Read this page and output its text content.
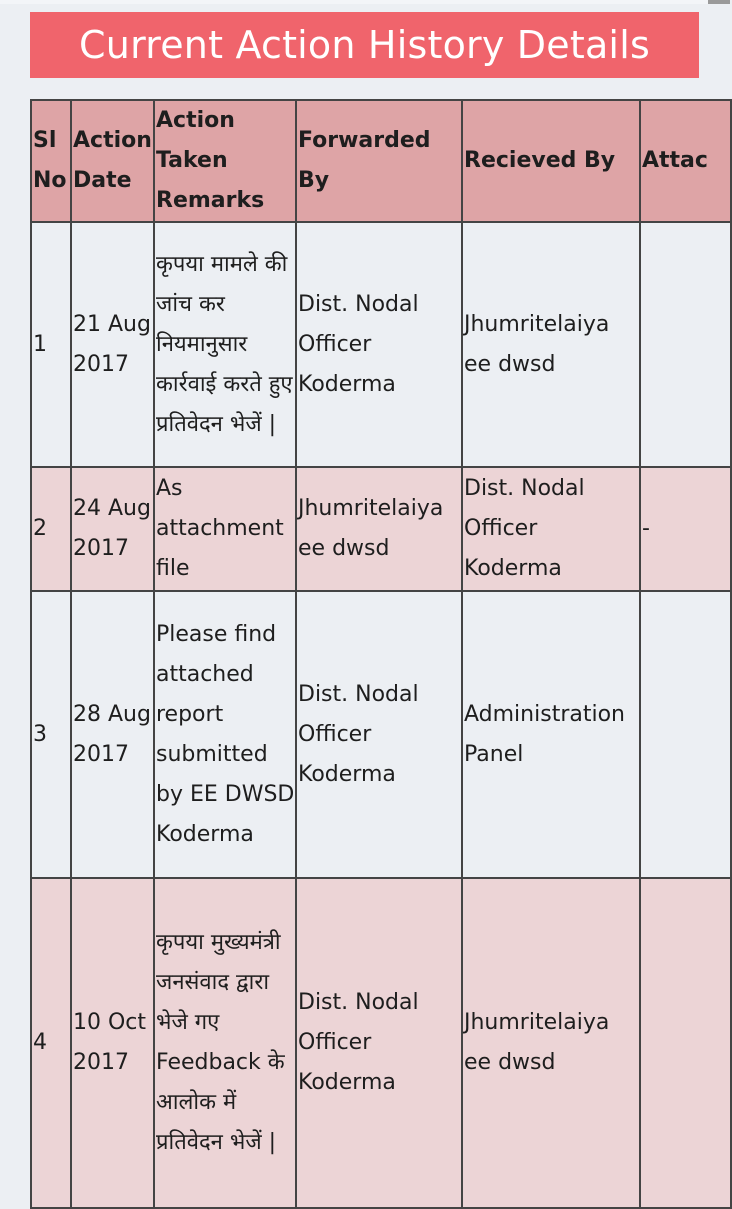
Current Action History Details
Sl No	Action Date	Action Taken Remarks	Forwarded By	Recieved By	Attac

1	21 Aug 2017	कृपया मामले की जांच कर नियमानुसार कार्रवाई करते हुए प्रतिवेदन भेजें |	Dist. Nodal Officer Koderma	Jhumritelaiya ee dwsd	

2	24 Aug 2017	As attachment file	Jhumritelaiya ee dwsd	Dist. Nodal Officer Koderma	-

3	28 Aug 2017	Please find attached report submitted by EE DWSD Koderma	Dist. Nodal Officer Koderma	Administration Panel	

4	10 Oct 2017	कृपया मुख्यमंत्री जनसंवाद द्वारा भेजे गए Feedback के आलोक में प्रतिवेदन भेजें |	Dist. Nodal Officer Koderma	Jhumritelaiya ee dwsd	
